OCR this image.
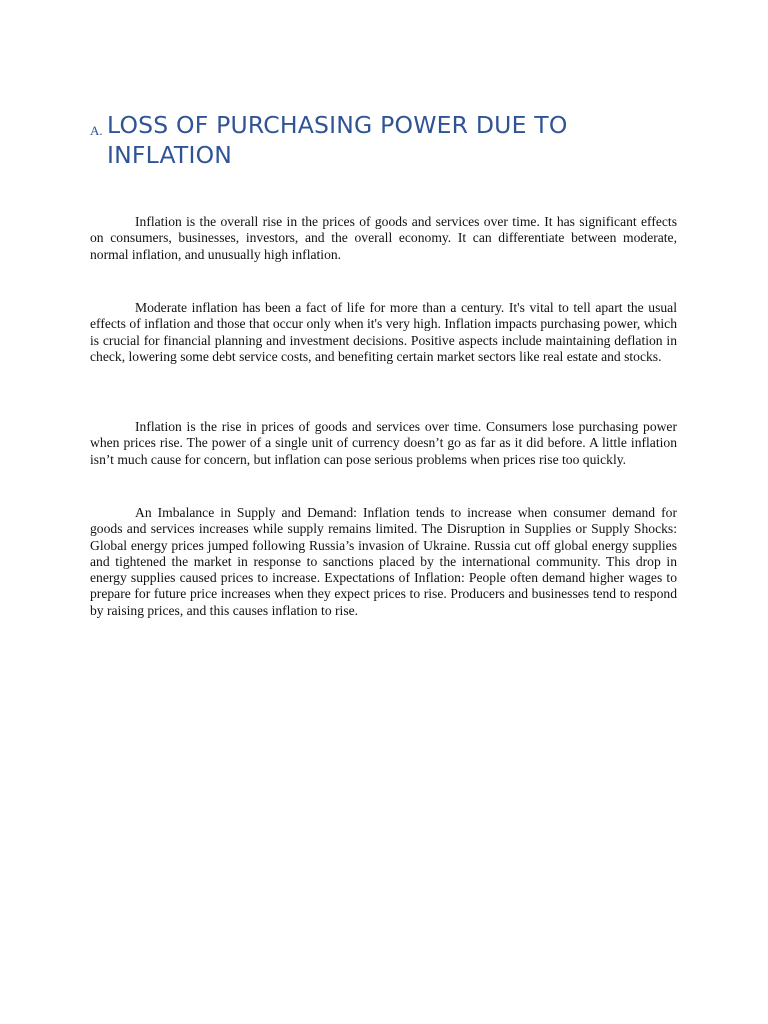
A. LOSS OF PURCHASING POWER DUE TO INFLATION

Inflation is the overall rise in the prices of goods and services over time. It has significant effects on consumers, businesses, investors, and the overall economy. It can differentiate between moderate, normal inflation, and unusually high inflation.

Moderate inflation has been a fact of life for more than a century. It's vital to tell apart the usual effects of inflation and those that occur only when it's very high. Inflation impacts purchasing power, which is crucial for financial planning and investment decisions. Positive aspects include maintaining deflation in check, lowering some debt service costs, and benefiting certain market sectors like real estate and stocks.

Inflation is the rise in prices of goods and services over time. Consumers lose purchasing power when prices rise. The power of a single unit of currency doesn’t go as far as it did before. A little inflation isn’t much cause for concern, but inflation can pose serious problems when prices rise too quickly.

An Imbalance in Supply and Demand: Inflation tends to increase when consumer demand for goods and services increases while supply remains limited. The Disruption in Supplies or Supply Shocks: Global energy prices jumped following Russia’s invasion of Ukraine. Russia cut off global energy supplies and tightened the market in response to sanctions placed by the international community. This drop in energy supplies caused prices to increase. Expectations of Inflation: People often demand higher wages to prepare for future price increases when they expect prices to rise. Producers and businesses tend to respond by raising prices, and this causes inflation to rise.
